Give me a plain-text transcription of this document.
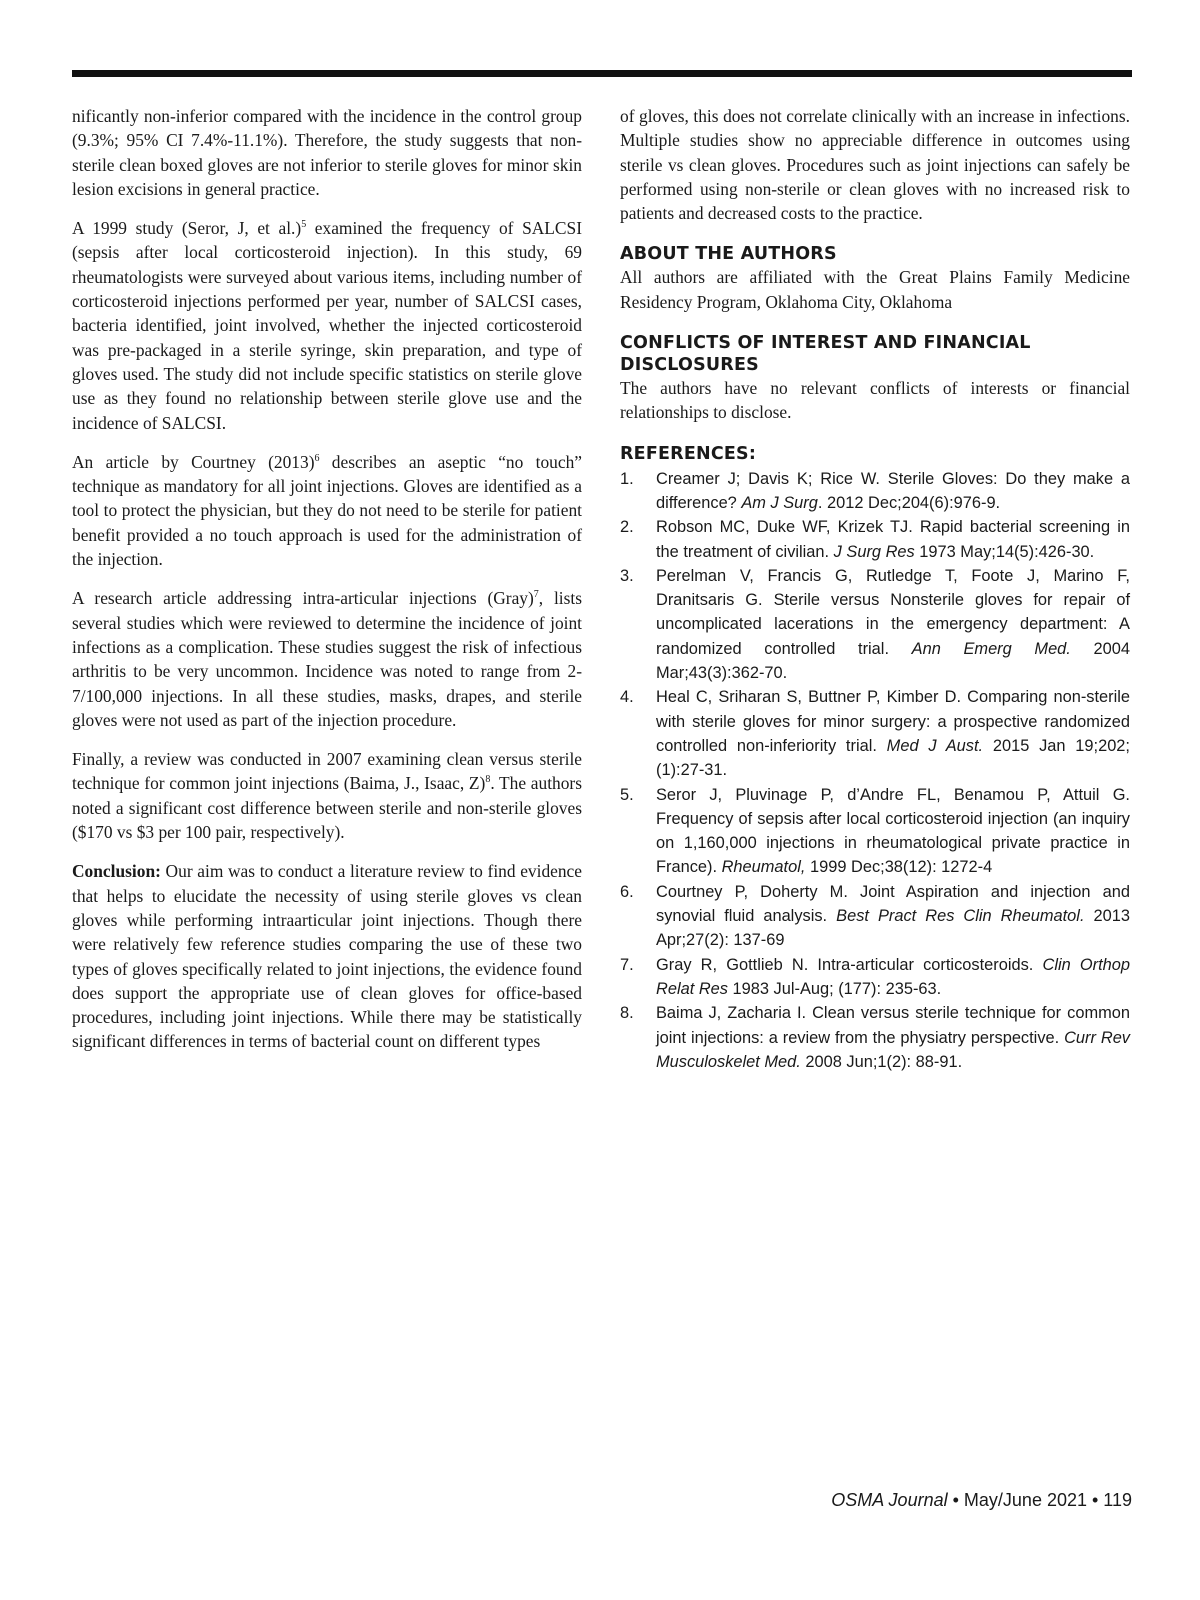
nificantly non-inferior compared with the incidence in the control group (9.3%; 95% CI 7.4%-11.1%). Therefore, the study suggests that non-sterile clean boxed gloves are not inferior to sterile gloves for minor skin lesion excisions in general practice.

A 1999 study (Seror, J, et al.)$^5$ examined the frequency of SALCSI (sepsis after local corticosteroid injection). In this study, 69 rheumatologists were surveyed about various items, including number of corticosteroid injections performed per year, number of SALCSI cases, bacteria identified, joint involved, whether the injected corticosteroid was pre-packaged in a sterile syringe, skin preparation, and type of gloves used. The study did not include specific statistics on sterile glove use as they found no relationship between sterile glove use and the incidence of SALCSI.

An article by Courtney $(2013)^6$ describes an aseptic “no touch” technique as mandatory for all joint injections. Gloves are identified as a tool to protect the physician, but they do not need to be sterile for patient benefit provided a no touch approach is used for the administration of the injection.

A research article addressing intra-articular injections (Gray)$^7$, lists several studies which were reviewed to determine the incidence of joint infections as a complication. These studies suggest the risk of infectious arthritis to be very uncommon. Incidence was noted to range from 2-7/100,000 injections. In all these studies, masks, drapes, and sterile gloves were not used as part of the injection procedure.

Finally, a review was conducted in 2007 examining clean versus sterile technique for common joint injections (Baima, J., Isaac, Z)$^8$. The authors noted a significant cost difference between sterile and non-sterile gloves ($170 vs $3 per 100 pair, respectively).

Conclusion: Our aim was to conduct a literature review to find evidence that helps to elucidate the necessity of using sterile gloves vs clean gloves while performing intraarticular joint injections. Though there were relatively few reference studies comparing the use of these two types of gloves specifically related to joint injections, the evidence found does support the appropriate use of clean gloves for office-based procedures, including joint injections. While there may be statistically significant differences in terms of bacterial count on different types

of gloves, this does not correlate clinically with an increase in infections. Multiple studies show no appreciable difference in outcomes using sterile vs clean gloves. Procedures such as joint injections can safely be performed using non-sterile or clean gloves with no increased risk to patients and decreased costs to the practice.

ABOUT THE AUTHORS

All authors are affiliated with the Great Plains Family Medicine Residency Program, Oklahoma City, Oklahoma

CONFLICTS OF INTEREST AND FINANCIAL
DISCLOSURES

The authors have no relevant conflicts of interests or financial relationships to disclose.

REFERENCES:
1.	Creamer J; Davis K; Rice W. Sterile Gloves: Do they make a difference? Am J Surg. 2012 Dec;204(6):976-9.
2.	Robson MC, Duke WF, Krizek TJ. Rapid bacterial screening in the treatment of civilian. J Surg Res 1973 May;14(5):426-30.
3.	Perelman V, Francis G, Rutledge T, Foote J, Marino F, Dranitsaris G. Sterile versus Nonsterile gloves for repair of uncomplicated lacerations in the emergency department: A randomized controlled trial. Ann Emerg Med. 2004 Mar;43(3):362-70.
4.	Heal C, Sriharan S, Buttner P, Kimber D. Comparing non-sterile with sterile gloves for minor surgery: a prospective randomized controlled non-inferiority trial. Med J Aust. 2015 Jan 19;202;(1):27-31.
5.	Seror J, Pluvinage P, d’Andre FL, Benamou P, Attuil G. Frequency of sepsis after local corticosteroid injection (an inquiry on 1,160,000 injections in rheumatological private practice in France). Rheumatol, 1999 Dec;38(12): 1272-4
6.	Courtney P, Doherty M. Joint Aspiration and injection and synovial fluid analysis. Best Pract Res Clin Rheumatol. 2013 Apr;27(2): 137-69
7.	Gray R, Gottlieb N. Intra-articular corticosteroids. Clin Orthop Relat Res 1983 Jul-Aug; (177): 235-63.
8.	Baima J, Zacharia I. Clean versus sterile technique for common joint injections: a review from the physiatry perspective. Curr Rev Musculoskelet Med. 2008 Jun;1(2): 88-91.
OSMA Journal • May/June 2021 • 119
